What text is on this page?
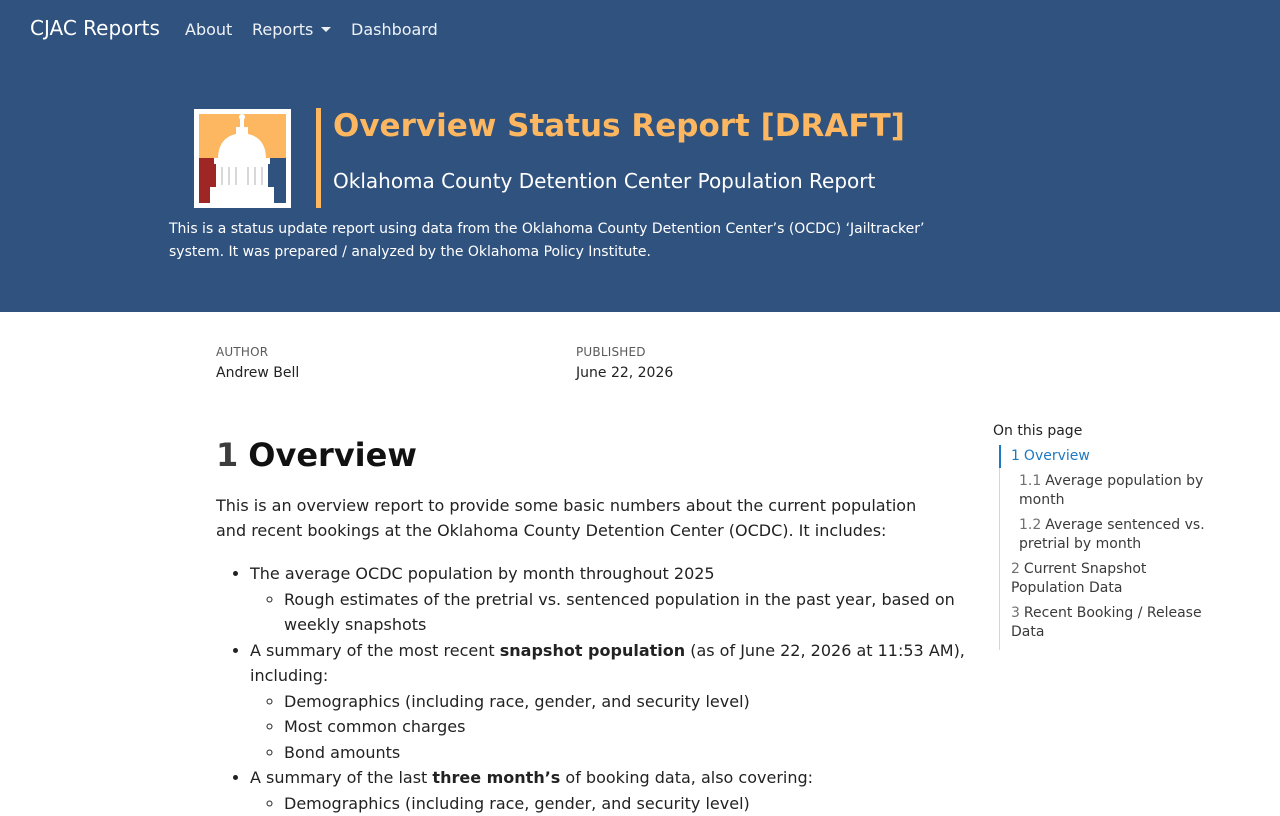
CJAC Reports About Reports	Dashboard
Overview Status Report [DRAFT]

Oklahoma County Detention Center Population Report

This is a status update report using data from the Oklahoma County Detention Center’s (OCDC) ‘Jailtracker’ system. It was prepared / analyzed by the Oklahoma Policy Institute.

AUTHOR
Andrew Bell
PUBLISHED
June 22, 2026
1 Overview

This is an overview report to provide some basic numbers about the current population and recent bookings at the Oklahoma County Detention Center (OCDC). It includes:

• The average OCDC population by month throughout 2025
◦ Rough estimates of the pretrial vs. sentenced population in the past year, based on weekly snapshots
• A summary of the most recent snapshot population (as of June 22, 2026 at 11:53 AM), including:
◦ Demographics (including race, gender, and security level)
◦ Most common charges
◦ Bond amounts
• A summary of the last three month’s of booking data, also covering:
◦ Demographics (including race, gender, and security level)
On this page
1 Overview
1.1 Average population by month
1.2 Average sentenced vs. pretrial by month
2 Current Snapshot Population Data
3 Recent Booking / Release Data
